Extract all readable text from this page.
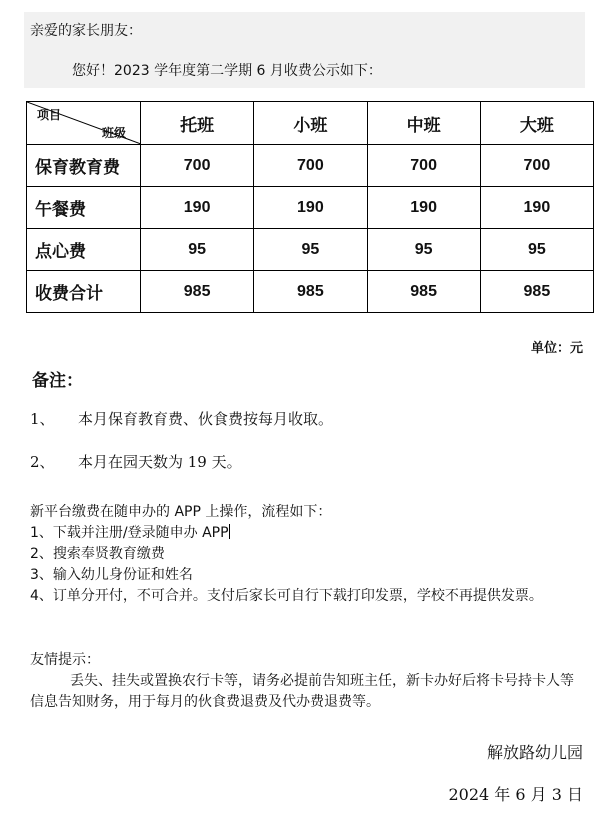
亲爱的家长朋友：
您好！2023 学年度第二学期 6 月收费公示如下：
项目
班级	托班	小班	中班	大班
保育教育费	700	700	700	700
午餐费	190	190	190	190
点心费	95	95	95	95
收费合计	985	985	985	985
单位：元
备注：
1、 本月保育教育费、伙食费按每月收取。
2、 本月在园天数为 19 天。
新平台缴费在随申办的 APP 上操作，流程如下：
1、下载并注册/登录随申办 APP
2、搜索奉贤教育缴费
3、输入幼儿身份证和姓名
4、订单分开付，不可合并。支付后家长可自行下载打印发票，学校不再提供发票。
友情提示：
丢失、挂失或置换农行卡等，请务必提前告知班主任，新卡办好后将卡号持卡人等信息告知财务，用于每月的伙食费退费及代办费退费等。
解放路幼儿园
2024 年 6 月 3 日
